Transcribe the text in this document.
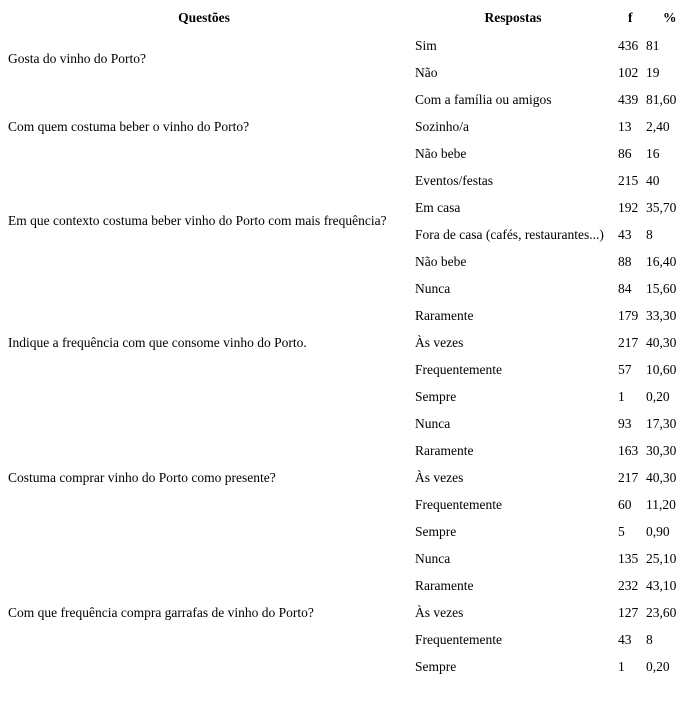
Questões	Respostas	f	%
Gosta do vinho do Porto?	Sim	436	81
	Não	102	19
Com quem costuma beber o vinho do Porto?	Com a família ou amigos	439	81,60
	Sozinho/a	13	2,40
	Não bebe	86	16
Em que contexto costuma beber vinho do Porto com mais frequência?	Eventos/festas	215	40
	Em casa	192	35,70
	Fora de casa (cafés, restaurantes...)	43	8
	Não bebe	88	16,40
Indique a frequência com que consome vinho do Porto.	Nunca	84	15,60
	Raramente	179	33,30
	Às vezes	217	40,30
	Frequentemente	57	10,60
	Sempre	1	0,20
Costuma comprar vinho do Porto como presente?	Nunca	93	17,30
	Raramente	163	30,30
	Às vezes	217	40,30
	Frequentemente	60	11,20
	Sempre	5	0,90
Com que frequência compra garrafas de vinho do Porto?	Nunca	135	25,10
	Raramente	232	43,10
	Às vezes	127	23,60
	Frequentemente	43	8
	Sempre	1	0,20
